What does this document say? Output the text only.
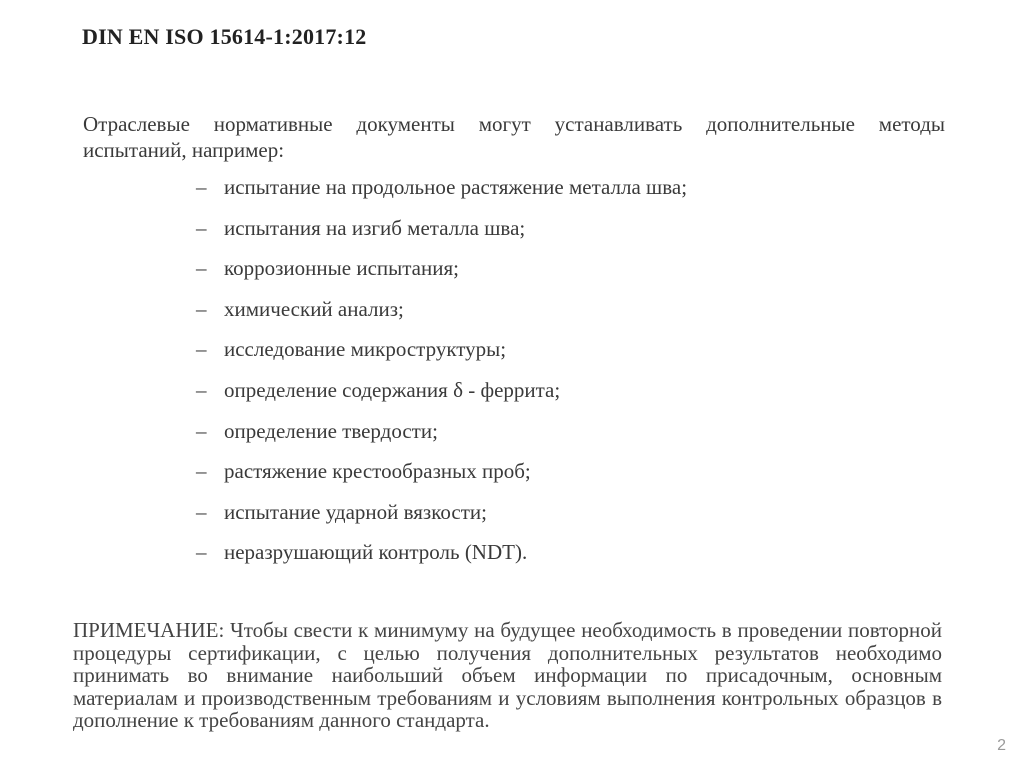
DIN EN ISO 15614-1:2017:12
Отраслевые нормативные документы могут устанавливать дополнительные методы
испытаний, например:
– испытание на продольное растяжение металла шва;
– испытания на изгиб металла шва;
– коррозионные испытания;
– химический анализ;
– исследование микроструктуры;
– определение содержания δ - феррита;
– определение твердости;
– растяжение крестообразных проб;
– испытание ударной вязкости;
– неразрушающий контроль (NDT).
ПРИМЕЧАНИЕ: Чтобы свести к минимуму на будущее необходимость в проведении повторной процедуры сертификации, с целью получения дополнительных результатов необходимо принимать во внимание наибольший объем информации по присадочным, основным материалам и производственным требованиям и условиям выполнения контрольных образцов в дополнение к требованиям данного стандарта.
2
